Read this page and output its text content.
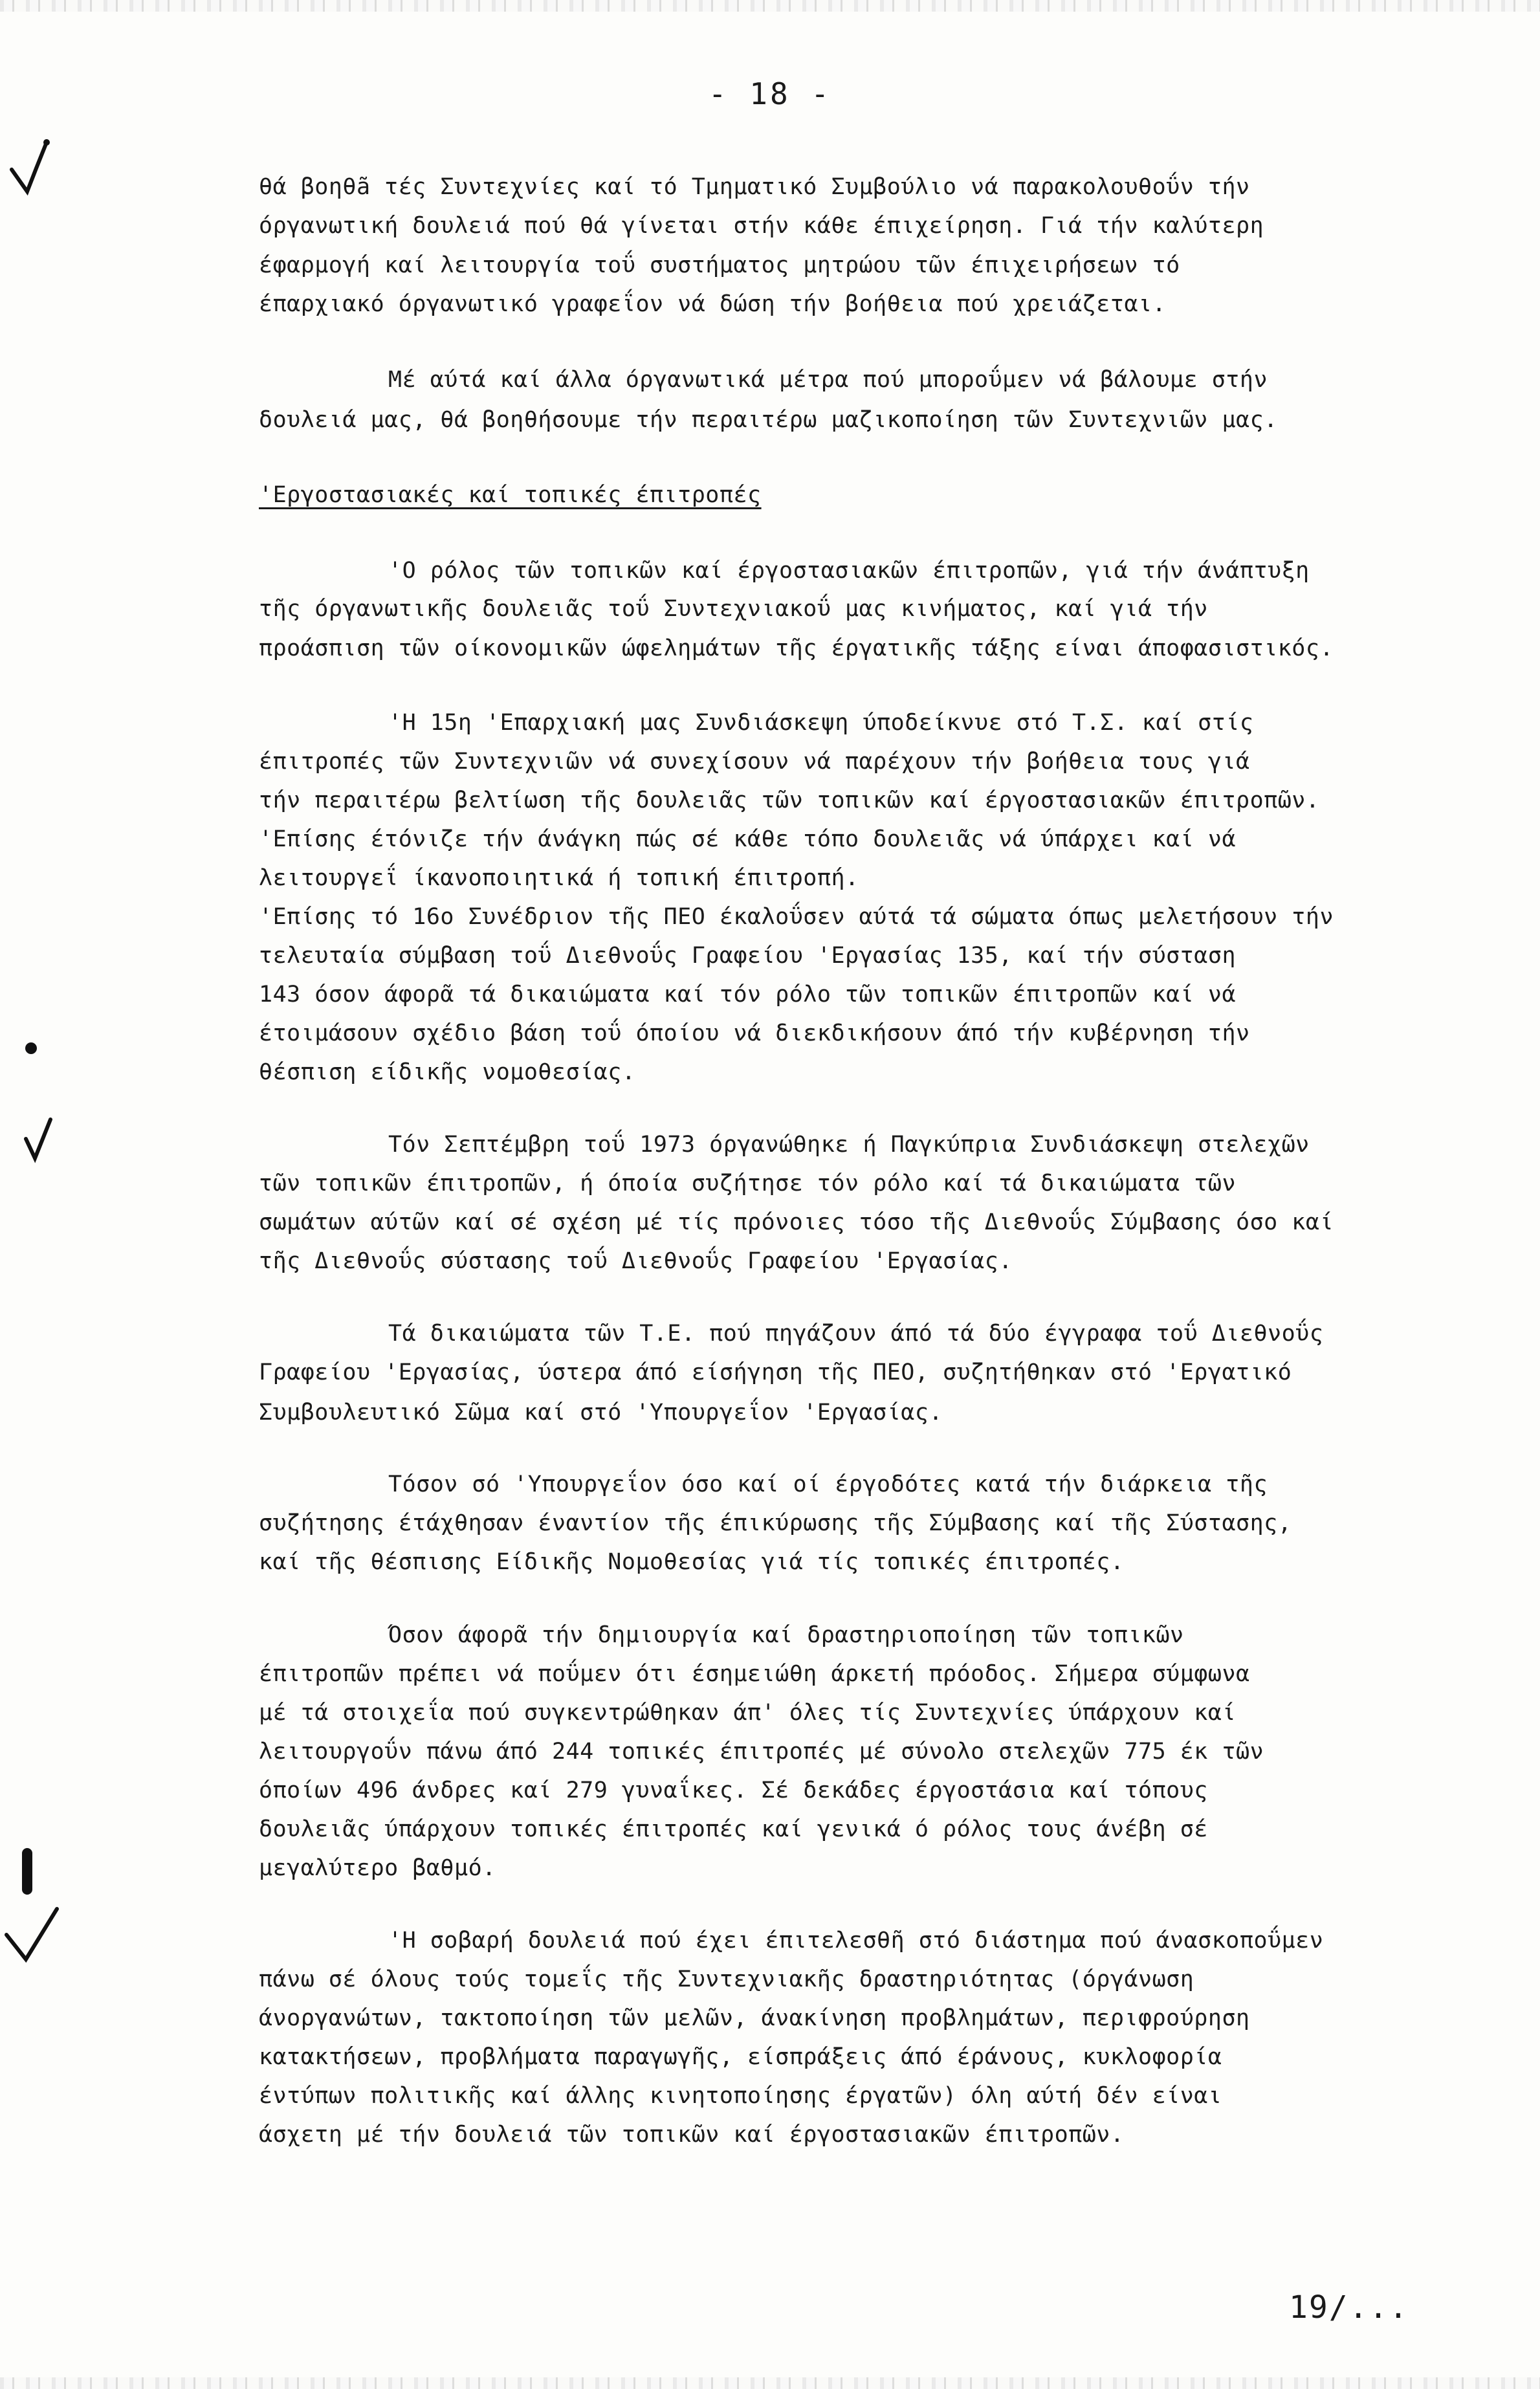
- 18 -
θά βοηθã τές Συντεχνίες καί τό Τμηματικό Συμβούλιο νά παρακολουθοΰν τήν
όργανωτική δουλειά πού θά γίνεται στήν κάθε έπιχείρηση. Γιά τήν καλύτερη
έφαρμογή καί λειτουργία τοΰ συστήματος μητρώου τῶν έπιχειρήσεων τό
έπαρχιακό όργανωτικό γραφεΐον νά δώση τήν βοήθεια πού χρειάζεται.
Μέ αύτά καί άλλα όργανωτικά μέτρα πού μποροΰμεν νά βάλουμε στήν
δουλειά μας, θά βοηθήσουμε τήν περαιτέρω μαζικοποίηση τῶν Συντεχνιῶν μας.
'Εργοστασιακές καί τοπικές έπιτροπές
'Ο ρόλος τῶν τοπικῶν καί έργοστασιακῶν έπιτροπῶν, γιά τήν άνάπτυξη
τῆς όργανωτικῆς δουλειᾶς τοΰ Συντεχνιακοΰ μας κινήματος, καί γιά τήν
προάσπιση τῶν οίκονομικῶν ώφελημάτων τῆς έργατικῆς τάξης είναι άποφασιστικός.
'Η 15η 'Επαρχιακή μας Συνδιάσκεψη ύποδείκνυε στό Τ.Σ. καί στίς
έπιτροπές τῶν Συντεχνιῶν νά συνεχίσουν νά παρέχουν τήν βοήθεια τους γιά
τήν περαιτέρω βελτίωση τῆς δουλειᾶς τῶν τοπικῶν καί έργοστασιακῶν έπιτροπῶν.
'Επίσης έτόνιζε τήν άνάγκη πώς σέ κάθε τόπο δουλειᾶς νά ύπάρχει καί νά
λειτουργεΐ ίκανοποιητικά ή τοπική έπιτροπή.
'Επίσης τό 16ο Συνέδριον τῆς ΠΕΟ έκαλοΰσεν αύτά τά σώματα όπως μελετήσουν τήν
τελευταία σύμβαση τοΰ Διεθνοΰς Γραφείου 'Εργασίας 135, καί τήν σύσταση
143 όσον άφορᾶ τά δικαιώματα καί τόν ρόλο τῶν τοπικῶν έπιτροπῶν καί νά
έτοιμάσουν σχέδιο βάση τοΰ όποίου νά διεκδικήσουν άπό τήν κυβέρνηση τήν
θέσπιση είδικῆς νομοθεσίας.
Τόν Σεπτέμβρη τοΰ 1973 όργανώθηκε ή Παγκύπρια Συνδιάσκεψη στελεχῶν
τῶν τοπικῶν έπιτροπῶν, ή όποία συζήτησε τόν ρόλο καί τά δικαιώματα τῶν
σωμάτων αύτῶν καί σέ σχέση μέ τίς πρόνοιες τόσο τῆς Διεθνοΰς Σύμβασης όσο καί
τῆς Διεθνοΰς σύστασης τοΰ Διεθνοΰς Γραφείου 'Εργασίας.
Τά δικαιώματα τῶν Τ.Ε. πού πηγάζουν άπό τά δύο έγγραφα τοΰ Διεθνοΰς
Γραφείου 'Εργασίας, ύστερα άπό είσήγηση τῆς ΠΕΟ, συζητήθηκαν στό 'Εργατικό
Συμβουλευτικό Σῶμα καί στό 'Υπουργεΐον 'Εργασίας.
Τόσον σό 'Υπουργεΐον όσο καί οί έργοδότες κατά τήν διάρκεια τῆς
συζήτησης έτάχθησαν έναντίον τῆς έπικύρωσης τῆς Σύμβασης καί τῆς Σύστασης,
καί τῆς θέσπισης Είδικῆς Νομοθεσίας γιά τίς τοπικές έπιτροπές.
Όσον άφορᾶ τήν δημιουργία καί δραστηριοποίηση τῶν τοπικῶν
έπιτροπῶν πρέπει νά ποΰμεν ότι έσημειώθη άρκετή πρόοδος. Σήμερα σύμφωνα
μέ τά στοιχεΐα πού συγκεντρώθηκαν άπ' όλες τίς Συντεχνίες ύπάρχουν καί
λειτουργοΰν πάνω άπό 244 τοπικές έπιτροπές μέ σύνολο στελεχῶν 775 έκ τῶν
όποίων 496 άνδρες καί 279 γυναΐκες. Σέ δεκάδες έργοστάσια καί τόπους
δουλειᾶς ύπάρχουν τοπικές έπιτροπές καί γενικά ό ρόλος τους άνέβη σέ
μεγαλύτερο βαθμό.
'Η σοβαρή δουλειά πού έχει έπιτελεσθῆ στό διάστημα πού άνασκοποΰμεν
πάνω σέ όλους τούς τομεΐς τῆς Συντεχνιακῆς δραστηριότητας (όργάνωση
άνοργανώτων, τακτοποίηση τῶν μελῶν, άνακίνηση προβλημάτων, περιφρούρηση
κατακτήσεων, προβλήματα παραγωγῆς, είσπράξεις άπό έράνους, κυκλοφορία
έντύπων πολιτικῆς καί άλλης κινητοποίησης έργατῶν) όλη αύτή δέν είναι
άσχετη μέ τήν δουλειά τῶν τοπικῶν καί έργοστασιακῶν έπιτροπῶν.
19/...
